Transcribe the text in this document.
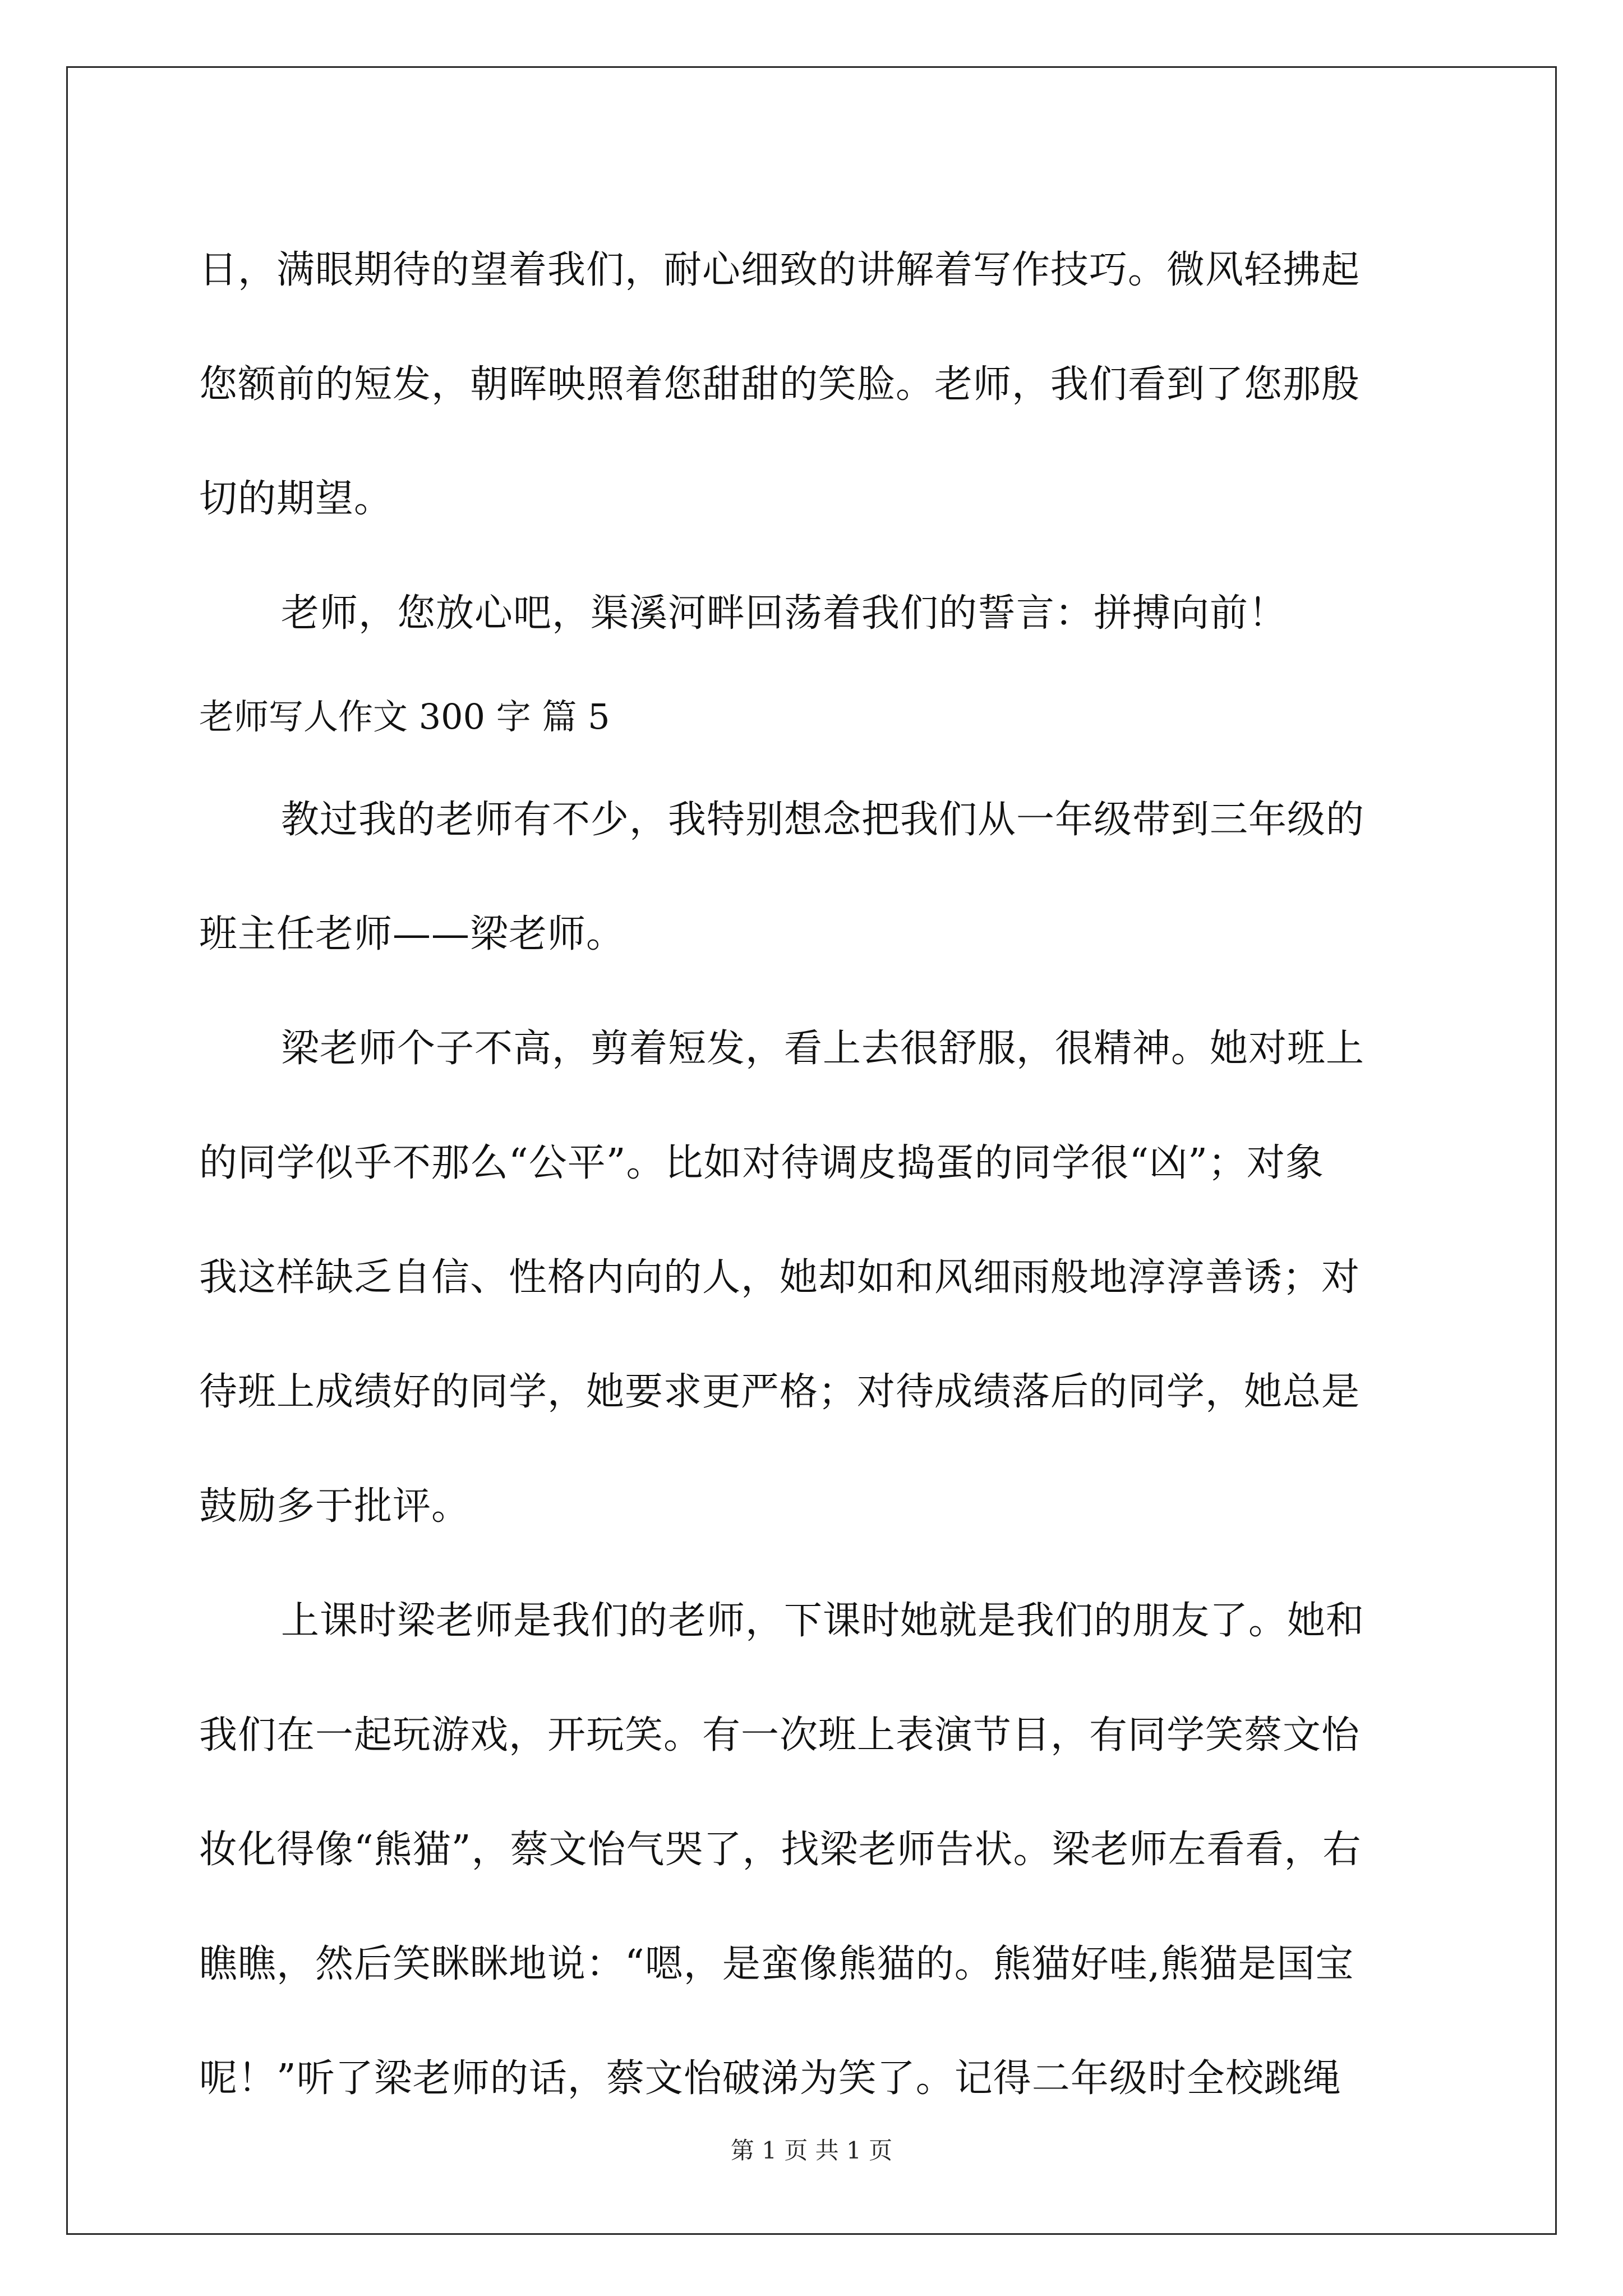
日，满眼期待的望着我们，耐心细致的讲解着写作技巧。微风轻拂起
您额前的短发，朝晖映照着您甜甜的笑脸。老师，我们看到了您那殷
切的期望。
老师，您放心吧，渠溪河畔回荡着我们的誓言：拼搏向前！
老师写人作文 300 字 篇 5
教过我的老师有不少，我特别想念把我们从一年级带到三年级的
班主任老师——梁老师。
梁老师个子不高，剪着短发，看上去很舒服，很精神。她对班上
的同学似乎不那么“公平”。比如对待调皮捣蛋的同学很“凶”；对象
我这样缺乏自信、性格内向的人，她却如和风细雨般地淳淳善诱；对
待班上成绩好的同学，她要求更严格；对待成绩落后的同学，她总是
鼓励多于批评。
上课时梁老师是我们的老师，下课时她就是我们的朋友了。她和
我们在一起玩游戏，开玩笑。有一次班上表演节目，有同学笑蔡文怡
妆化得像“熊猫”，蔡文怡气哭了，找梁老师告状。梁老师左看看，右
瞧瞧，然后笑眯眯地说：“嗯，是蛮像熊猫的。熊猫好哇,熊猫是国宝
呢！”听了梁老师的话，蔡文怡破涕为笑了。记得二年级时全校跳绳
第 1 页 共 1 页
